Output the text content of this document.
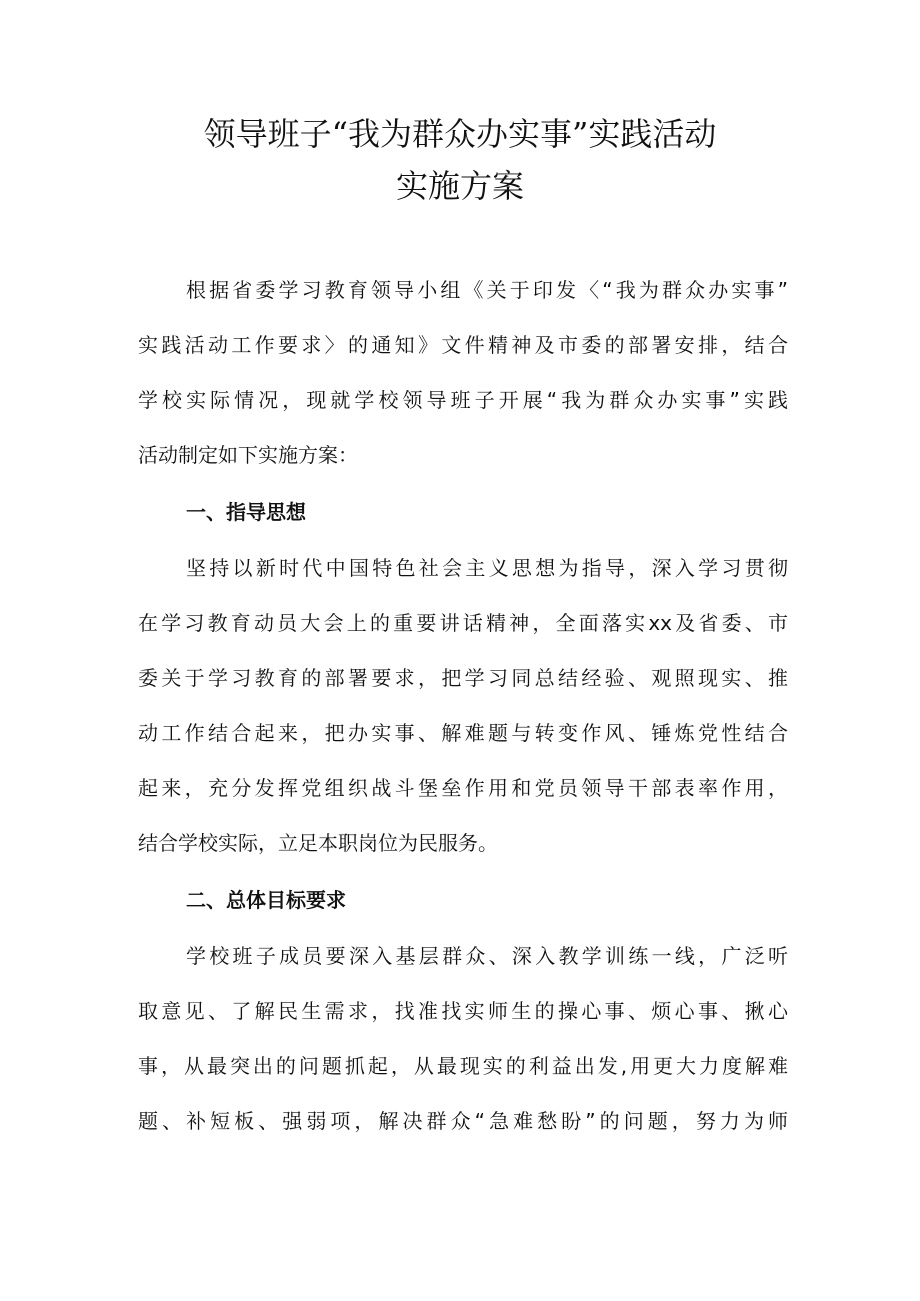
领导班子“我为群众办实事”实践活动
实施方案
根据省委学习教育领导小组《关于印发〈“我为群众办实事”
实践活动工作要求〉的通知》文件精神及市委的部署安排，结合
学校实际情况，现就学校领导班子开展“我为群众办实事”实践
活动制定如下实施方案：
一、指导思想
坚持以新时代中国特色社会主义思想为指导，深入学习贯彻
在学习教育动员大会上的重要讲话精神，全面落实xx及省委、市
委关于学习教育的部署要求，把学习同总结经验、观照现实、推
动工作结合起来，把办实事、解难题与转变作风、锤炼党性结合
起来，充分发挥党组织战斗堡垒作用和党员领导干部表率作用，
结合学校实际，立足本职岗位为民服务。
二、总体目标要求
学校班子成员要深入基层群众、深入教学训练一线，广泛听
取意见、了解民生需求，找准找实师生的操心事、烦心事、揪心
事，从最突出的问题抓起，从最现实的利益出发,用更大力度解难
题、补短板、强弱项，解决群众“急难愁盼”的问题，努力为师
